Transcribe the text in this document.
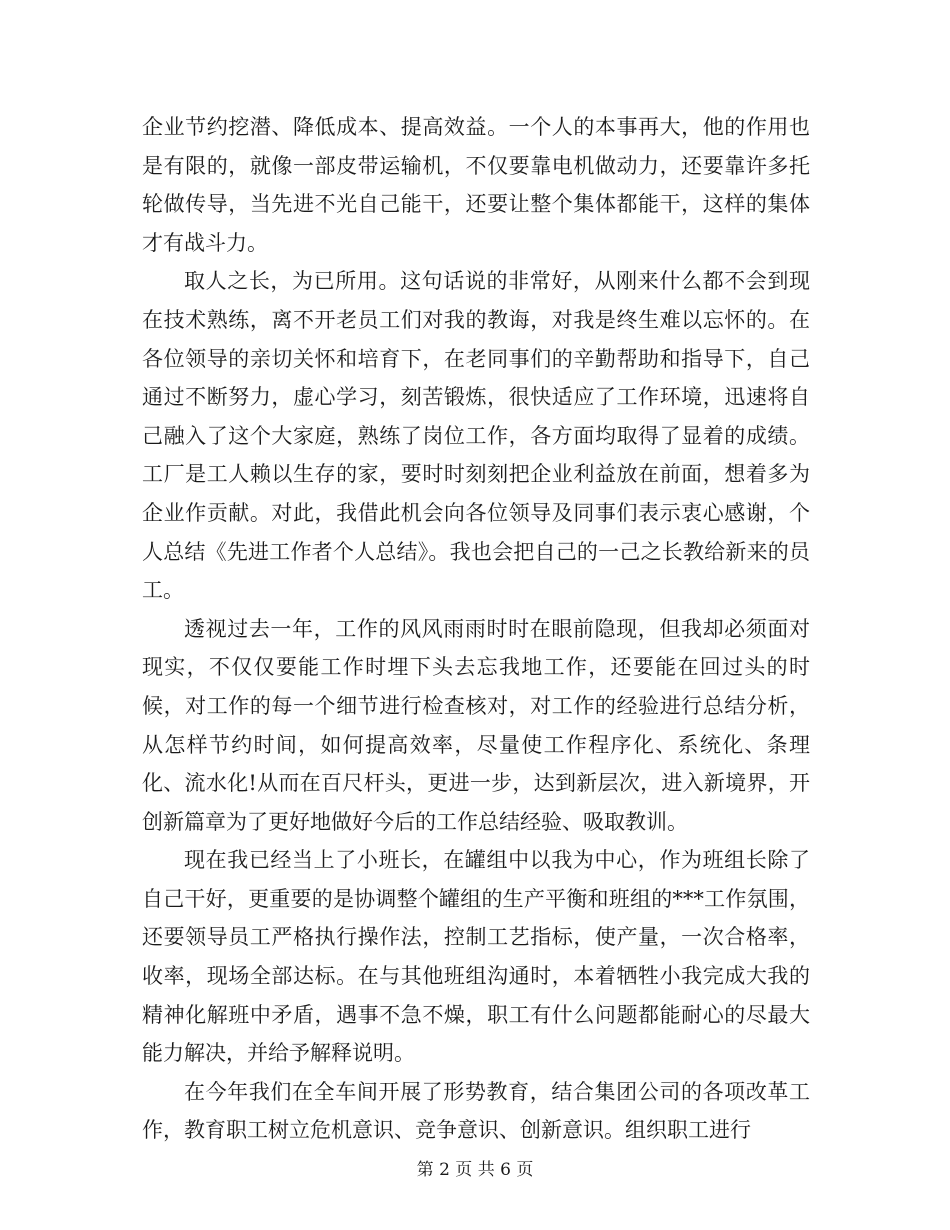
企业节约挖潜、降低成本、提高效益。一个人的本事再大，他的作用也是有限的，就像一部皮带运输机，不仅要靠电机做动力，还要靠许多托轮做传导，当先进不光自己能干，还要让整个集体都能干，这样的集体才有战斗力。

取人之长，为已所用。这句话说的非常好，从刚来什么都不会到现在技术熟练，离不开老员工们对我的教诲，对我是终生难以忘怀的。在各位领导的亲切关怀和培育下，在老同事们的辛勤帮助和指导下，自己通过不断努力，虚心学习，刻苦锻炼，很快适应了工作环境，迅速将自己融入了这个大家庭，熟练了岗位工作，各方面均取得了显着的成绩。工厂是工人赖以生存的家，要时时刻刻把企业利益放在前面，想着多为企业作贡献。对此，我借此机会向各位领导及同事们表示衷心感谢，个人总结《先进工作者个人总结》。我也会把自己的一己之长教给新来的员工。

透视过去一年，工作的风风雨雨时时在眼前隐现，但我却必须面对现实，不仅仅要能工作时埋下头去忘我地工作，还要能在回过头的时候，对工作的每一个细节进行检查核对，对工作的经验进行总结分析，从怎样节约时间，如何提高效率，尽量使工作程序化、系统化、条理化、流水化!从而在百尺杆头，更进一步，达到新层次，进入新境界，开创新篇章为了更好地做好今后的工作总结经验、吸取教训。

现在我已经当上了小班长，在罐组中以我为中心，作为班组长除了自己干好，更重要的是协调整个罐组的生产平衡和班组的***工作氛围，还要领导员工严格执行操作法，控制工艺指标，使产量，一次合格率，收率，现场全部达标。在与其他班组沟通时，本着牺牲小我完成大我的精神化解班中矛盾，遇事不急不燥，职工有什么问题都能耐心的尽最大能力解决，并给予解释说明。

在今年我们在全车间开展了形势教育，结合集团公司的各项改革工作，教育职工树立危机意识、竞争意识、创新意识。组织职工进行

第 2 页 共 6 页
